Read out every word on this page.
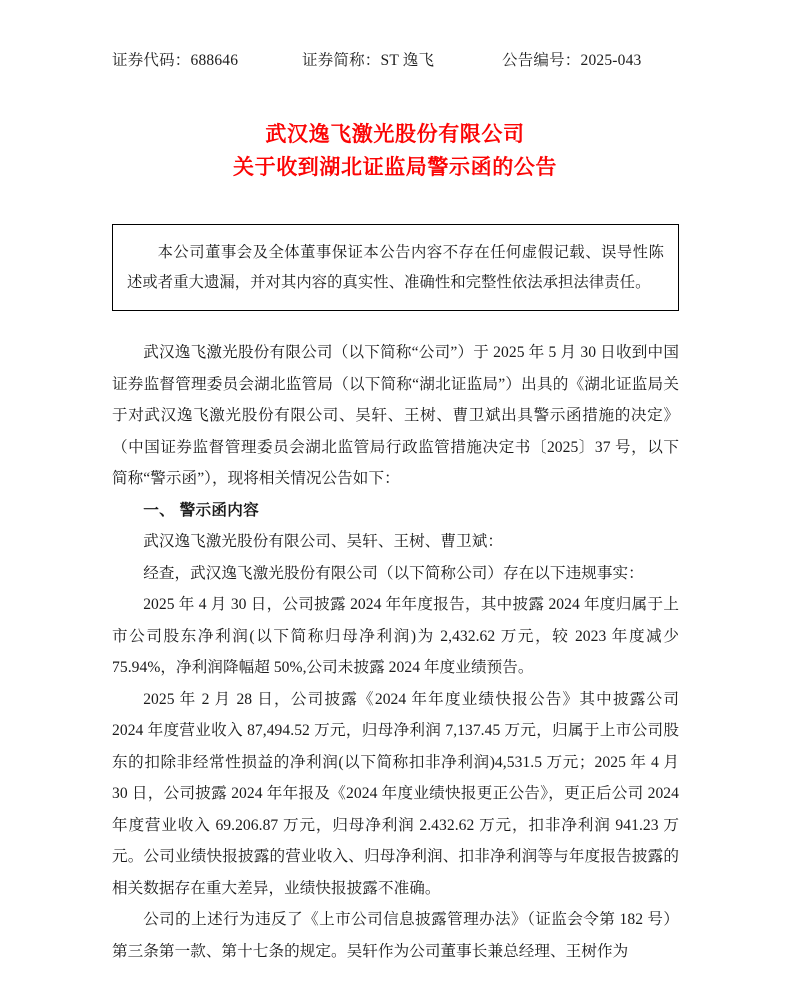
证券代码：688646	证券简称：ST 逸飞	公告编号：2025-043
武汉逸飞激光股份有限公司
关于收到湖北证监局警示函的公告

本公司董事会及全体董事保证本公告内容不存在任何虚假记载、误导性陈述或者重大遗漏，并对其内容的真实性、准确性和完整性依法承担法律责任。

武汉逸飞激光股份有限公司（以下简称“公司”）于 2025 年 5 月 30 日收到中国证券监督管理委员会湖北监管局（以下简称“湖北证监局”）出具的《湖北证监局关于对武汉逸飞激光股份有限公司、吴轩、王树、曹卫斌出具警示函措施的决定》（中国证券监督管理委员会湖北监管局行政监管措施决定书〔2025〕37 号，以下简称“警示函”），现将相关情况公告如下：

一、 警示函内容

武汉逸飞激光股份有限公司、吴轩、王树、曹卫斌：

经查，武汉逸飞激光股份有限公司（以下简称公司）存在以下违规事实：

2025 年 4 月 30 日，公司披露 2024 年年度报告，其中披露 2024 年度归属于上市公司股东净利润(以下简称归母净利润)为 2,432.62 万元，较 2023 年度减少 75.94%，净利润降幅超 50%,公司未披露 2024 年度业绩预告。

2025 年 2 月 28 日，公司披露《2024 年年度业绩快报公告》其中披露公司 2024 年度营业收入 87,494.52 万元，归母净利润 7,137.45 万元，归属于上市公司股东的扣除非经常性损益的净利润(以下简称扣非净利润)4,531.5 万元；2025 年 4 月 30 日，公司披露 2024 年年报及《2024 年度业绩快报更正公告》，更正后公司 2024 年度营业收入 69.206.87 万元，归母净利润 2.432.62 万元，扣非净利润 941.23 万元。公司业绩快报披露的营业收入、归母净利润、扣非净利润等与年度报告披露的相关数据存在重大差异，业绩快报披露不准确。

公司的上述行为违反了《上市公司信息披露管理办法》（证监会令第 182 号）第三条第一款、第十七条的规定。吴轩作为公司董事长兼总经理、王树作为
